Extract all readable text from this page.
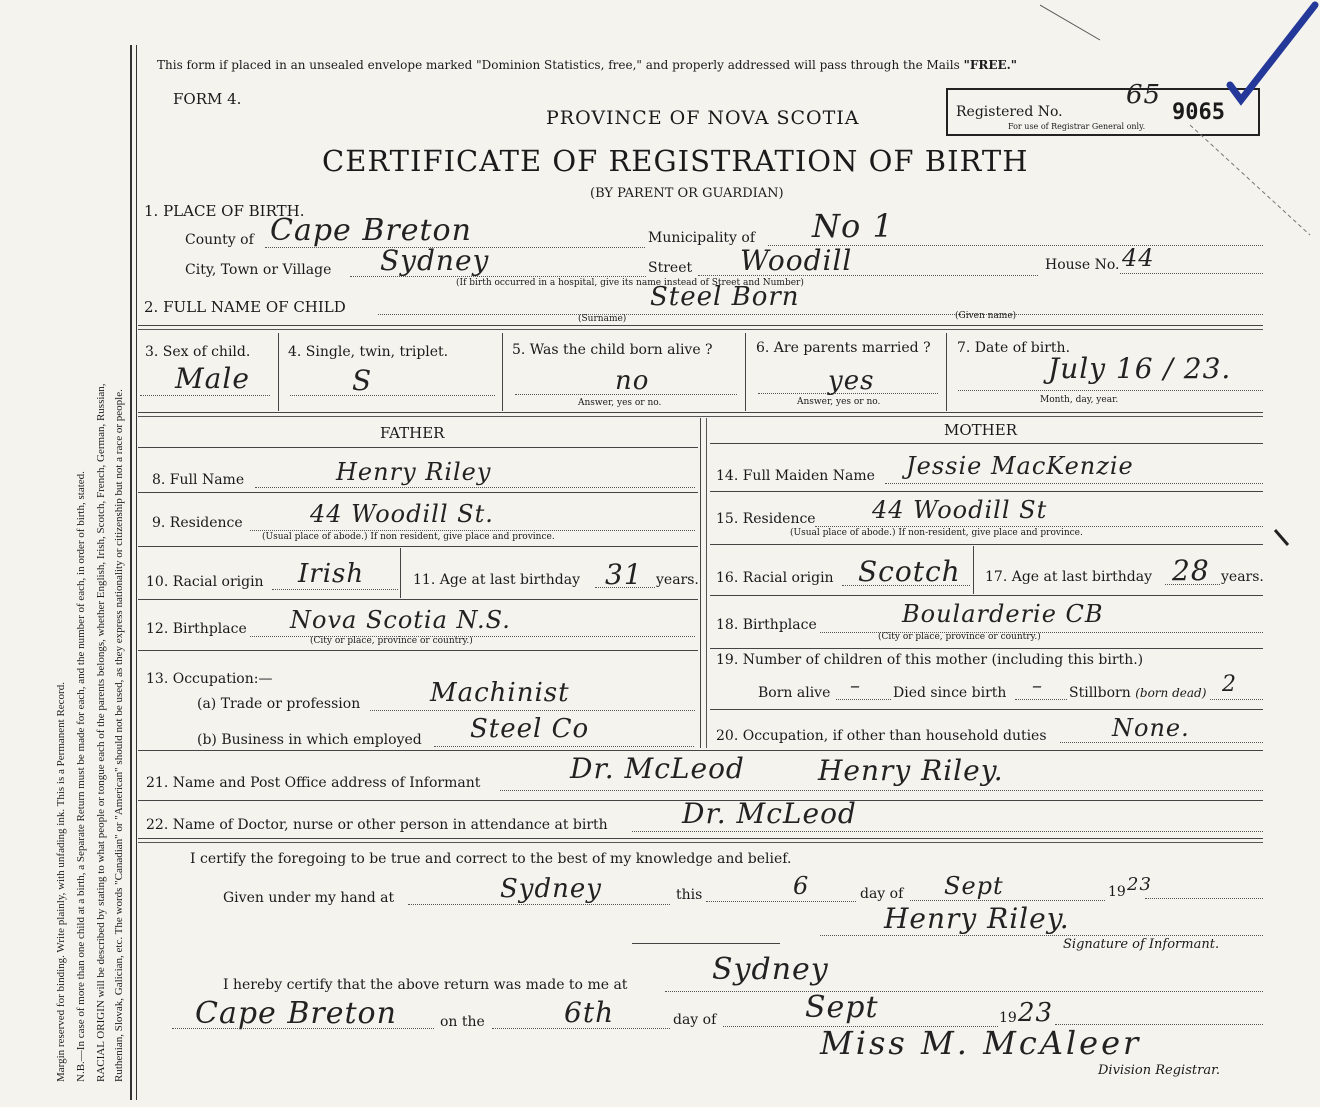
Margin reserved for binding. Write plainly, with unfading ink. This is a Permanent Record. N.B.—In case of more than one child at a birth, a Separate Return must be made for each, and the number of each, in order of birth, stated. RACIAL ORIGIN will be described by stating to what people or tongue each of the parents belongs, whether English, Irish, Scotch, French, German, Russian, Ruthenian, Slovak, Galician, etc. The words "Canadian" or "American" should not be used, as they express nationality or citizenship but not a race or people.
This form if placed in an unsealed envelope marked "Dominion Statistics, free," and properly addressed will pass through the Mails "FREE."
FORM 4.
PROVINCE OF NOVA SCOTIA
CERTIFICATE OF REGISTRATION OF BIRTH
(BY PARENT OR GUARDIAN)
Registered No.
For use of Registrar General only.
65
9065
1. PLACE OF BIRTH.
County of Cape Breton	Municipality of No 1
City, Town or Village Sydney	Street Woodill	House No. 44
(If birth occurred in a hospital, give its name instead of Street and Number)
2. FULL NAME OF CHILD	Steel Born
(Surname)	(Given name)
3. Sex of child.
Male
4. Single, twin, triplet.
S
5. Was the child born alive ?
no
Answer, yes or no.
6. Are parents married ?
yes
Answer, yes or no.
7. Date of birth.
July 16 / 23.
Month, day, year.
FATHER	MOTHER
8. Full Name	Henry Riley
9. Residence	44 Woodill St.
(Usual place of abode.) If non resident, give place and province.
10. Racial origin Irish	11. Age at last birthday 31 years.
12. Birthplace Nova Scotia N.S.
(City or place, province or country.)
13. Occupation:—
(a) Trade or profession	Machinist
(b) Business in which employed Steel Co
14. Full Maiden Name Jessie MacKenzie
15. Residence 44 Woodill St
(Usual place of abode.) If non-resident, give place and province.
16. Racial origin Scotch 17. Age at last birthday 28 years.
18. Birthplace	Boularderie CB
(City or place, province or country.)
19. Number of children of this mother (including this birth.)
Born alive – Died since birth – Stillborn (born dead) 2
20. Occupation, if other than household duties	None.
21. Name and Post Office address of Informant	Dr. McLeod	Henry Riley.
22. Name of Doctor, nurse or other person in attendance at birth	Dr. McLeod
I certify the foregoing to be true and correct to the best of my knowledge and belief.
Given under my hand at	Sydney	this	6	day of Sept	19 23
Henry Riley.
Signature of Informant.
I hereby certify that the above return was made to me at	Sydney
Cape Breton	on the	6th	day of	Sept	19 23
Miss M. McAleer
Division Registrar.
